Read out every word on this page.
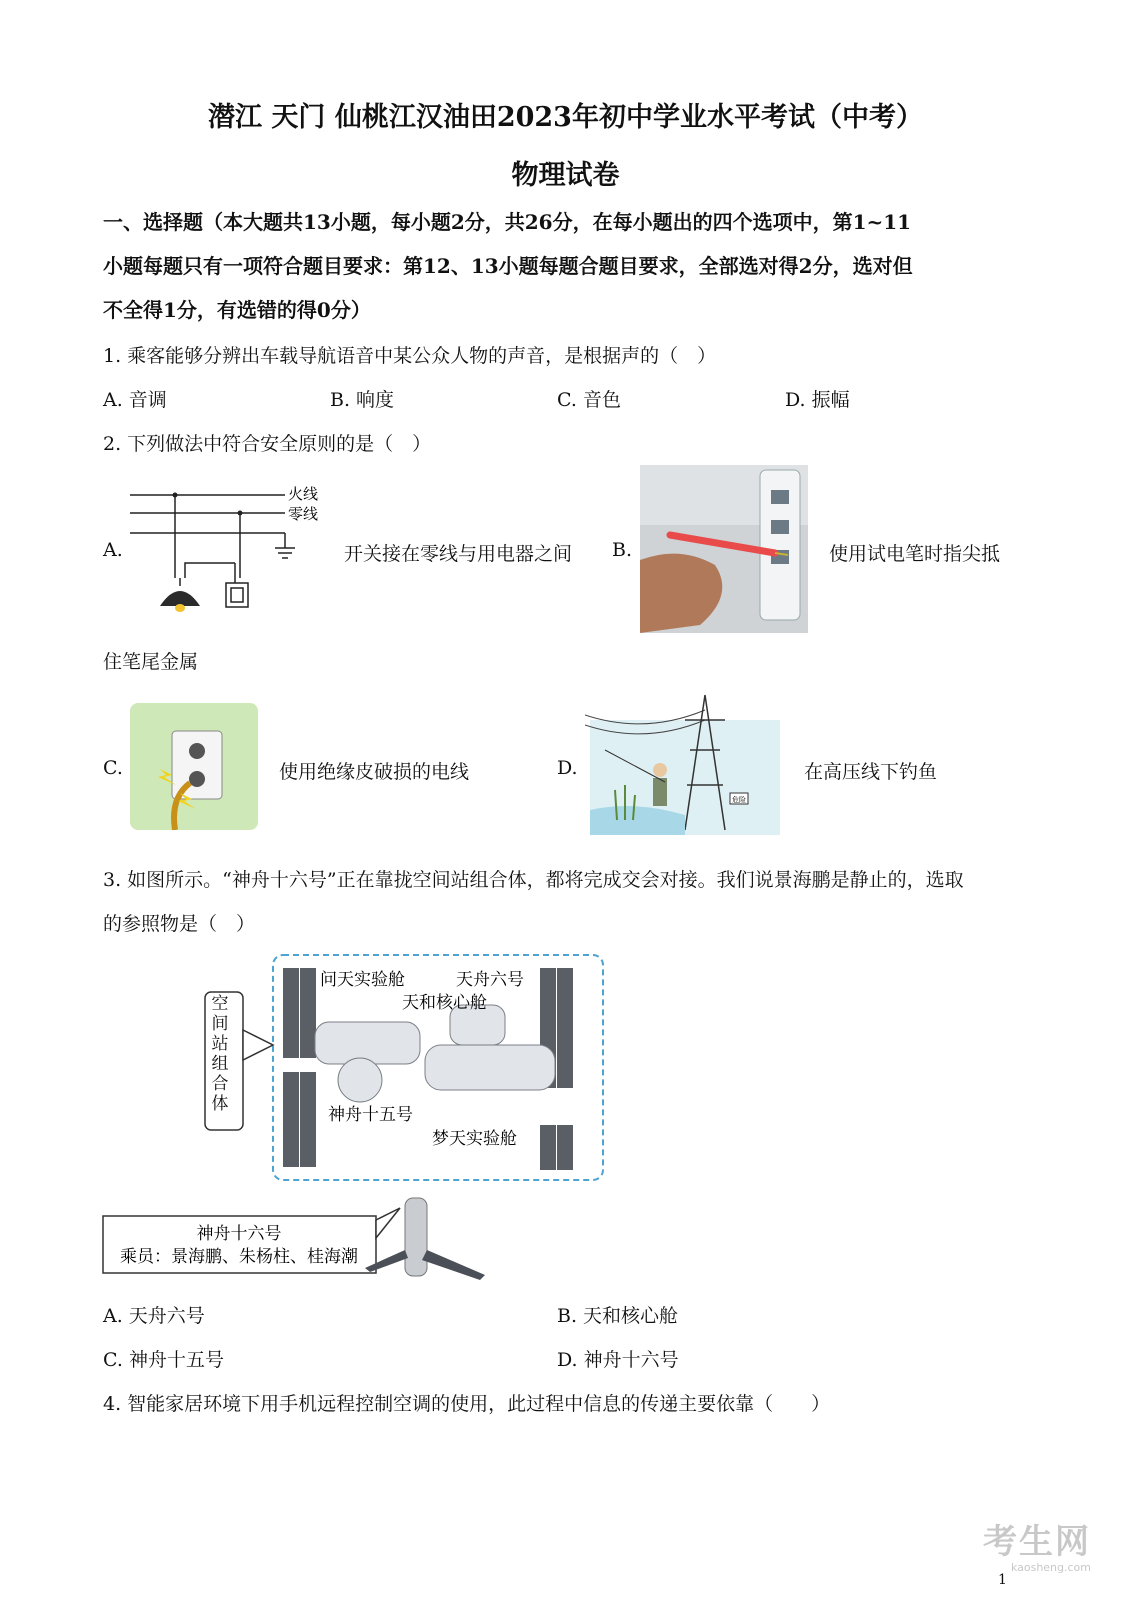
潜江 天门 仙桃江汉油田2023年初中学业水平考试（中考）
物理试卷
一、选择题（本大题共13小题，每小题2分，共26分，在每小题出的四个选项中，第1~11
小题每题只有一项符合题目要求：第12、13小题每题合题目要求，全部选对得2分，选对但
不全得1分，有选错的得0分）
1. 乘客能够分辨出车载导航语音中某公众人物的声音，是根据声的（　）
A. 音调	B. 响度	C. 音色	D. 振幅
2. 下列做法中符合安全原则的是（　）
A.
火线
零线
开关接在零线与用电器之间 B.	使用试电笔时指尖抵
住笔尾金属
C.	使用绝缘皮破损的电线	D.
危险
在高压线下钓鱼
3. 如图所示。“神舟十六号”正在靠拢空间站组合体，都将完成交会对接。我们说景海鹏是静止的，选取
的参照物是（　）
问天实验舱	天舟六号
天和核心舱
神舟十五号
梦天实验舱
神舟十六号
乘员：景海鹏、朱杨柱、桂海潮
空间站组合体
A. 天舟六号	B. 天和核心舱
C. 神舟十五号	D. 神舟十六号
4. 智能家居环境下用手机远程控制空调的使用，此过程中信息的传递主要依靠（　　）
考生网
kaosheng.com
1
